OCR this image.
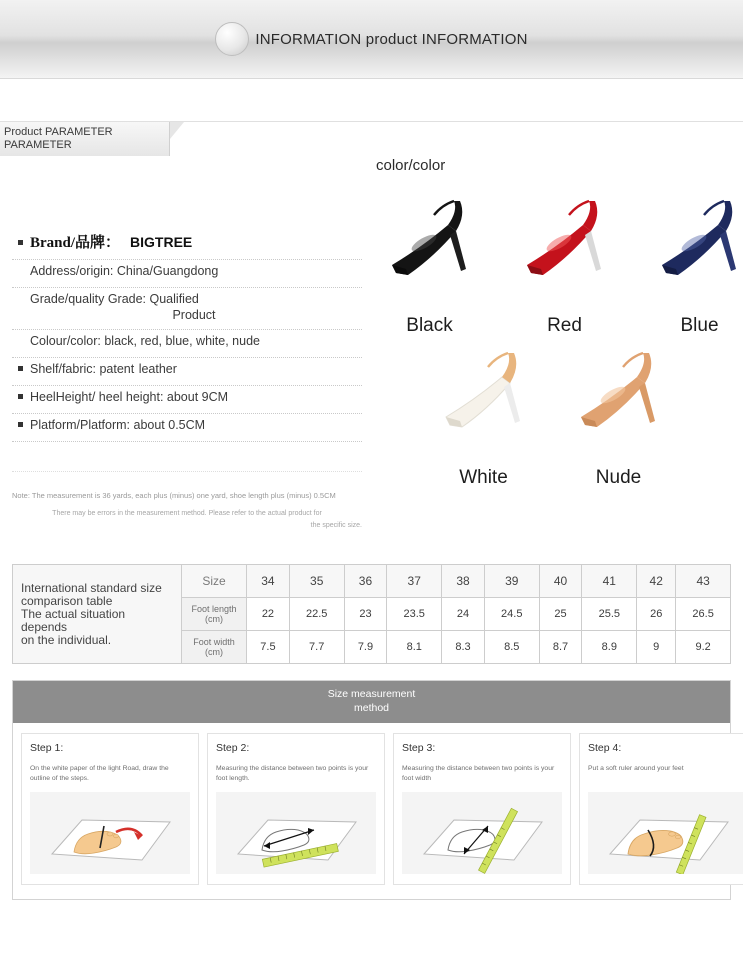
INFORMATION product INFORMATION
Product PARAMETER
PARAMETER
Brand/品牌： BIGTREE
Address/origin: China/Guangdong
Grade/quality Grade: Qualified
Product
Colour/color: black, red, blue, white, nude
Shelf/fabric: patent leather
HeelHeight/ heel height: about 9CM
Platform/Platform: about 0.5CM
Note: The measurement is 36 yards, each plus (minus) one yard, shoe length plus (minus) 0.5CM
There may be errors in the measurement method. Please refer to the actual product for
the specific size.
color/color
Black	Red	Blue
White	Nude
International standard size
comparison table
The actual situation depends
on the individual.	Size	34	35	36	37	38	39	40	41	42	43
	Foot length (cm)	22	22.5	23	23.5	24	24.5	25	25.5	26	26.5
	Foot width (cm)	7.5	7.7	7.9	8.1	8.3	8.5	8.7	8.9	9	9.2
Size measurement
method
Step 1:
On the white paper of the light Road, draw the outline of the steps.
Step 2:
Measuring the distance between two points is your foot length.
Step 3:
Measuring the distance between two points is your foot width
Step 4:
Put a soft ruler around your feet
